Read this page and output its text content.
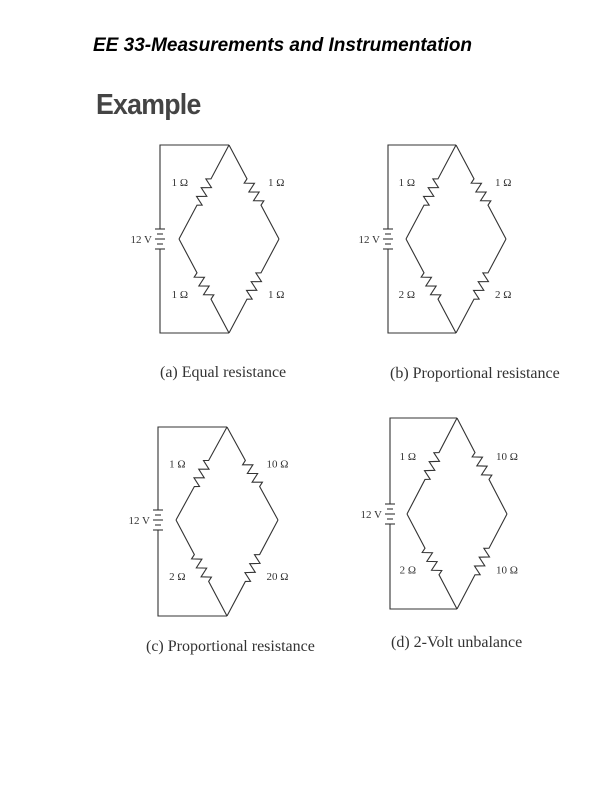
EE 33-Measurements and Instrumentation
Example
12 V
1 Ω	1 Ω
1 Ω	1 Ω
(a) Equal resistance
12 V
1 Ω	1 Ω
2 Ω	2 Ω
(b) Proportional resistance
12 V
1 Ω	10 Ω
2 Ω	20 Ω
(c) Proportional resistance
12 V
1 Ω	10 Ω
2 Ω	10 Ω
(d) 2-Volt unbalance
